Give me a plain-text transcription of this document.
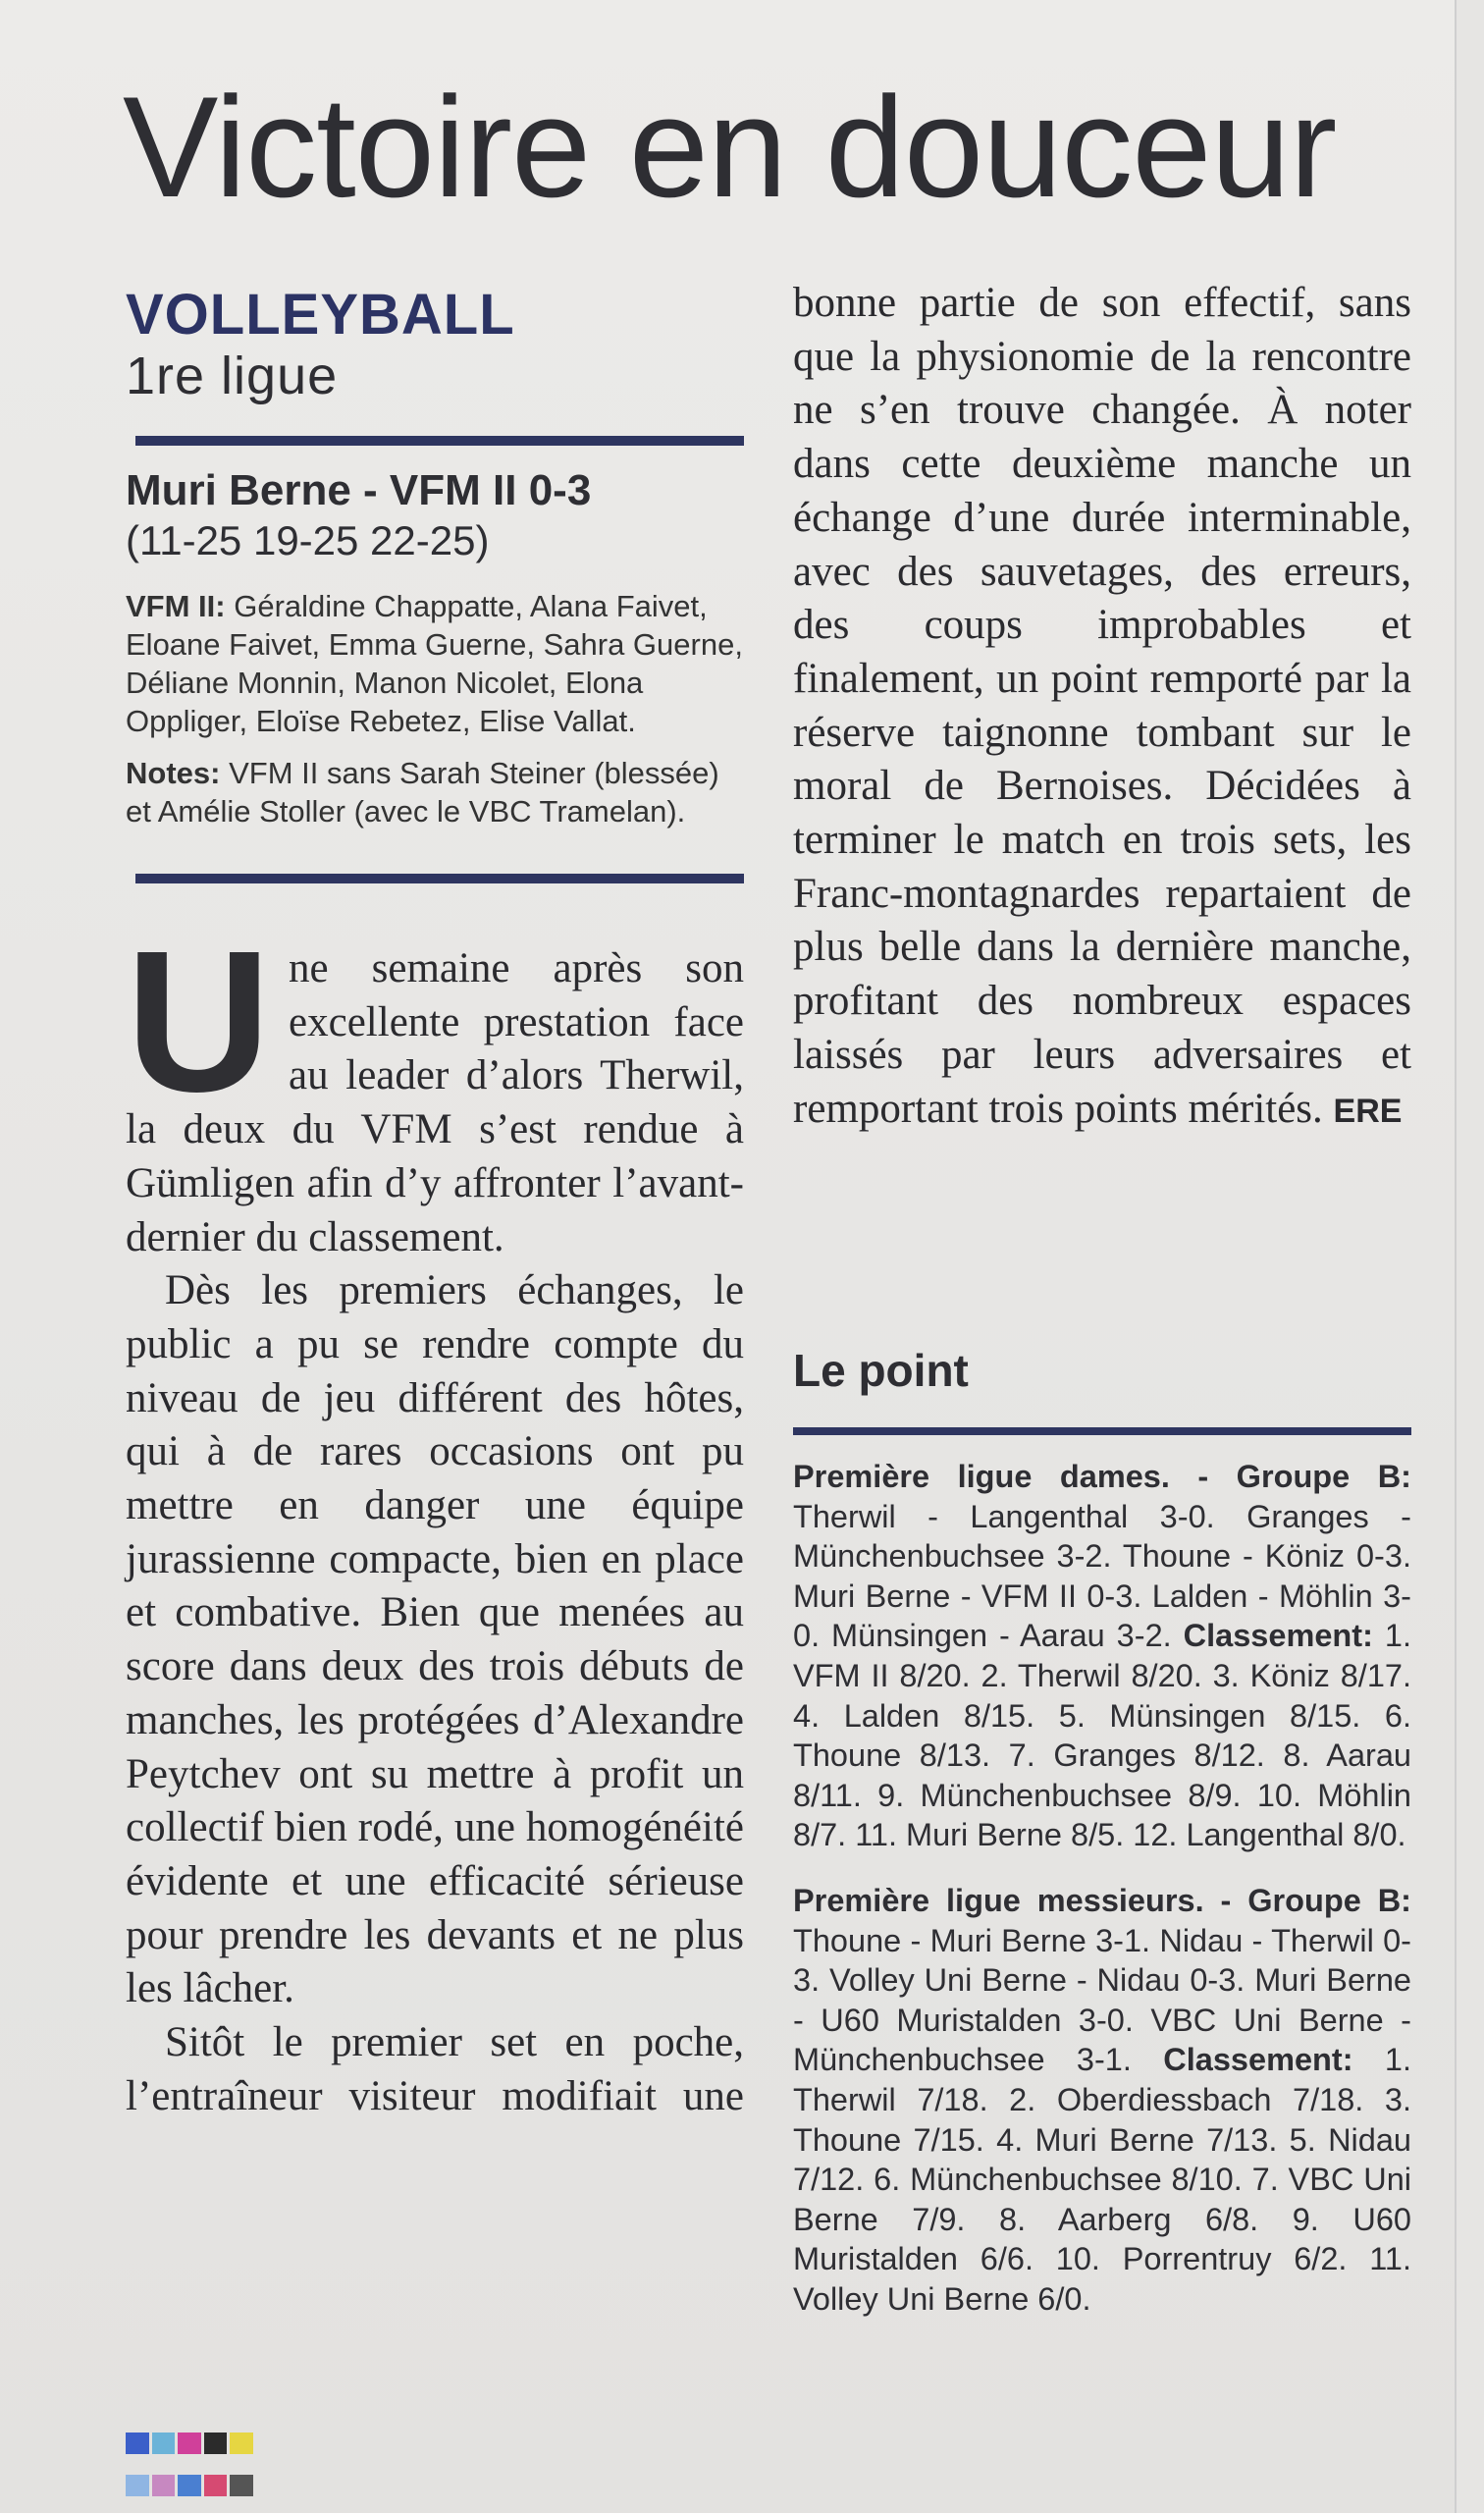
Victoire en douceur
VOLLEYBALL
1re ligue
Muri Berne - VFM II 0-3
(11-25 19-25 22-25)
VFM II: Géraldine Chappatte, Alana Faivet, Eloane Faivet, Emma Guerne, Sahra Guerne, Déliane Monnin, Manon Nicolet, Elona Oppliger, Eloïse Rebetez, Elise Vallat.
Notes: VFM II sans Sarah Steiner (blessée) et Amélie Stoller (avec le VBC Tramelan).
U ne semaine après son excellente prestation face au leader d’alors Therwil, la deux du VFM s’est rendue à Gümligen afin d’y affronter l’avant-dernier du classement.
Dès les premiers échanges, le public a pu se rendre compte du niveau de jeu différent des hôtes, qui à de rares occasions ont pu mettre en danger une équipe jurassienne compacte, bien en place et combative. Bien que menées au score dans deux des trois débuts de manches, les protégées d’Alexandre Peytchev ont su mettre à profit un collectif bien rodé, une homogénéité évidente et une efficacité sérieuse pour prendre les devants et ne plus les lâcher.
Sitôt le premier set en poche, l’entraîneur visiteur modifiait une
bonne partie de son effectif, sans que la physionomie de la rencontre ne s’en trouve changée. À noter dans cette deuxième manche un échange d’une durée interminable, avec des sauvetages, des erreurs, des coups improbables et finalement, un point remporté par la réserve taignonne tombant sur le moral de Bernoises. Décidées à terminer le match en trois sets, les Franc-montagnardes repartaient de plus belle dans la dernière manche, profitant des nombreux espaces laissés par leurs adversaires et remportant trois points mérités. ERE
Le point

Première ligue dames. - Groupe B: Therwil - Langenthal 3-0. Granges - Münchenbuchsee 3-2. Thoune - Köniz 0-3. Muri Berne - VFM II 0-3. Lalden - Möhlin 3-0. Münsingen - Aarau 3-2. Classement: 1. VFM II 8/20. 2. Therwil 8/20. 3. Köniz 8/17. 4. Lalden 8/15. 5. Münsingen 8/15. 6. Thoune 8/13. 7. Granges 8/12. 8. Aarau 8/11. 9. Münchenbuchsee 8/9. 10. Möhlin 8/7. 11. Muri Berne 8/5. 12. Langenthal 8/0.

Première ligue messieurs. - Groupe B: Thoune - Muri Berne 3-1. Nidau - Therwil 0-3. Volley Uni Berne - Nidau 0-3. Muri Berne - U60 Muristalden 3-0. VBC Uni Berne - Münchenbuchsee 3-1. Classement: 1. Therwil 7/18. 2. Oberdiessbach 7/18. 3. Thoune 7/15. 4. Muri Berne 7/13. 5. Nidau 7/12. 6. Münchenbuchsee 8/10. 7. VBC Uni Berne 7/9. 8. Aarberg 6/8. 9. U60 Muristalden 6/6. 10. Porrentruy 6/2. 11. Volley Uni Berne 6/0.
